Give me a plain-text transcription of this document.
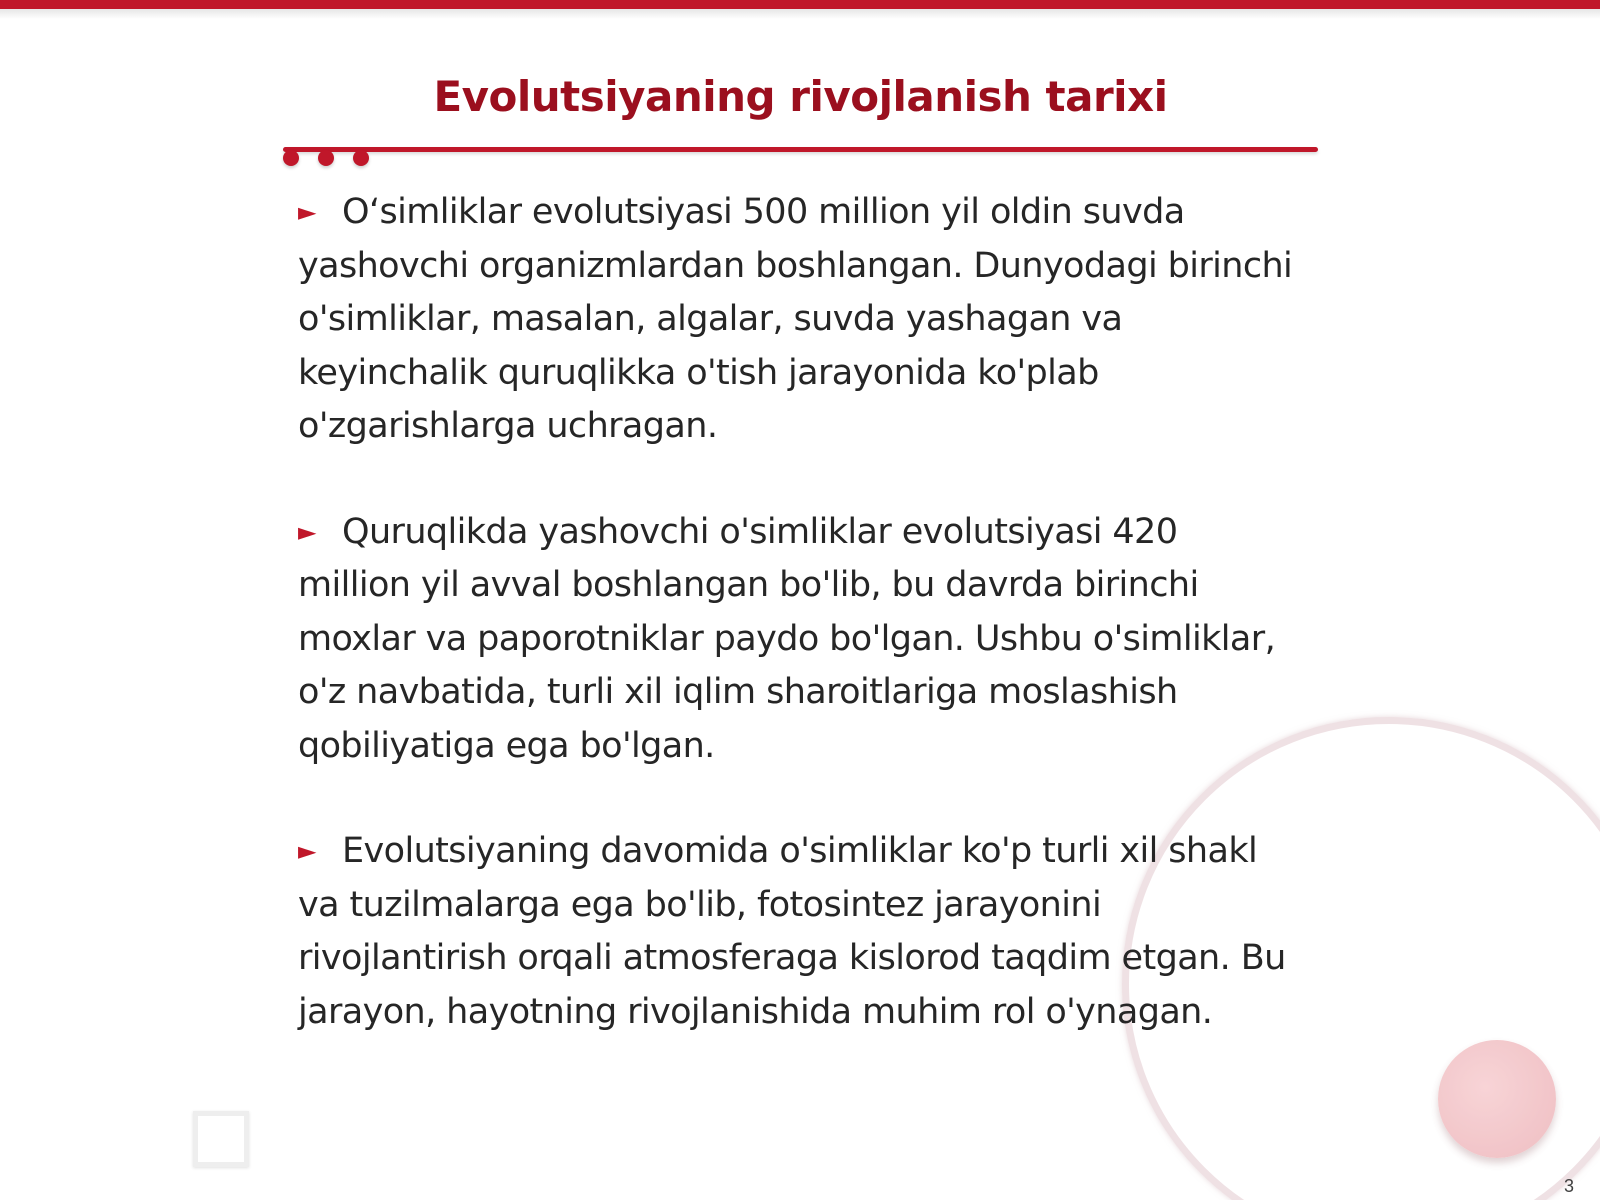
Evolutsiyaning rivojlanish tarixi

► O‘simliklar evolutsiyasi 500 million yil oldin suvda yashovchi organizmlardan boshlangan. Dunyodagi birinchi o'simliklar, masalan, algalar, suvda yashagan va keyinchalik quruqlikka o'tish jarayonida ko'plab o'zgarishlarga uchragan.

► Quruqlikda yashovchi o'simliklar evolutsiyasi 420 million yil avval boshlangan bo'lib, bu davrda birinchi moxlar va paporotniklar paydo bo'lgan. Ushbu o'simliklar, o'z navbatida, turli xil iqlim sharoitlariga moslashish qobiliyatiga ega bo'lgan.

► Evolutsiyaning davomida o'simliklar ko'p turli xil shakl va tuzilmalarga ega bo'lib, fotosintez jarayonini rivojlantirish orqali atmosferaga kislorod taqdim etgan. Bu jarayon, hayotning rivojlanishida muhim rol o'ynagan.

3
